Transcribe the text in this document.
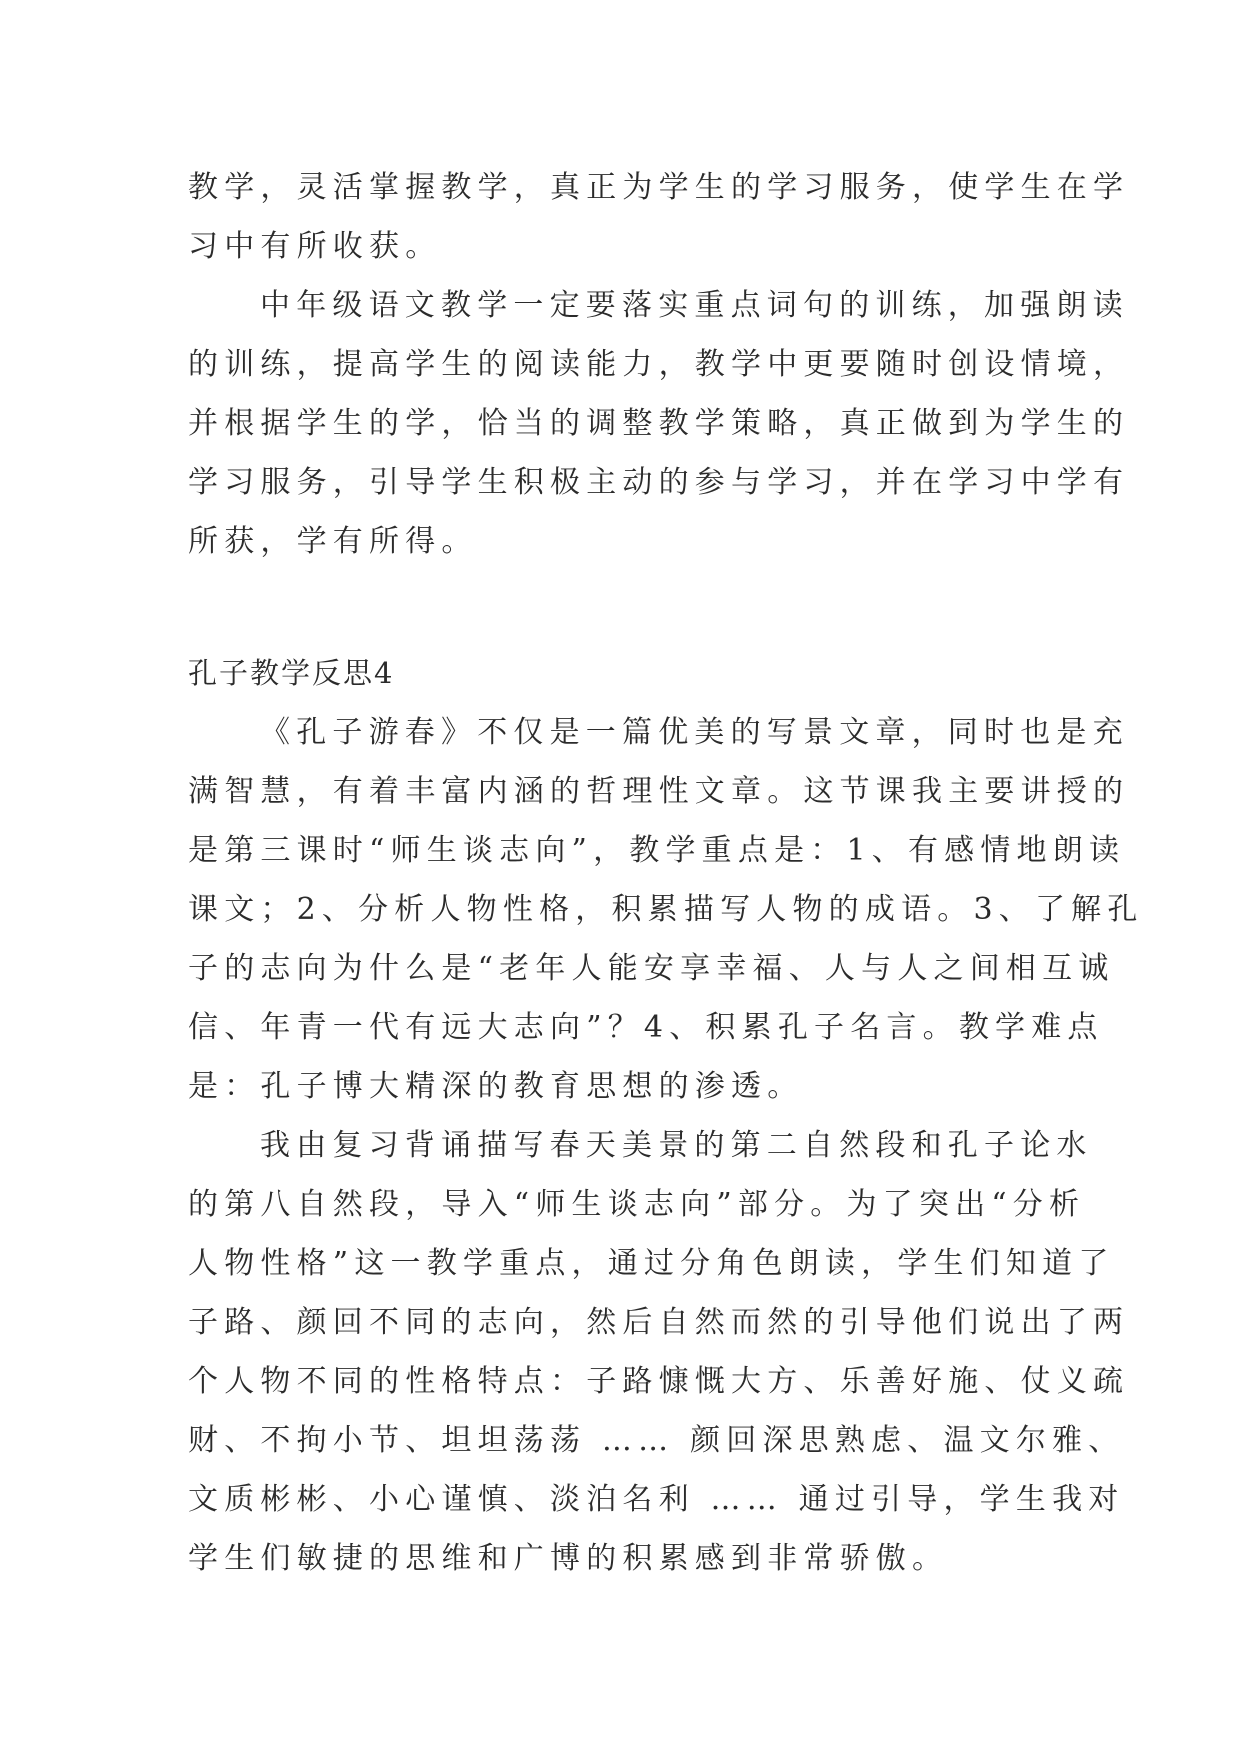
教学，灵活掌握教学，真正为学生的学习服务，使学生在学
习中有所收获。
中年级语文教学一定要落实重点词句的训练，加强朗读
的训练，提高学生的阅读能力，教学中更要随时创设情境，
并根据学生的学，恰当的调整教学策略，真正做到为学生的
学习服务，引导学生积极主动的参与学习，并在学习中学有
所获，学有所得。
孔子教学反思4
《孔子游春》不仅是一篇优美的写景文章，同时也是充
满智慧，有着丰富内涵的哲理性文章。这节课我主要讲授的
是第三课时“师生谈志向”，教学重点是：1、有感情地朗读
课文；2、分析人物性格，积累描写人物的成语。3、了解孔
子的志向为什么是“老年人能安享幸福、人与人之间相互诚
信、年青一代有远大志向”？4、积累孔子名言。教学难点
是：孔子博大精深的教育思想的渗透。
我由复习背诵描写春天美景的第二自然段和孔子论水
的第八自然段，导入“师生谈志向”部分。为了突出“分析
人物性格”这一教学重点，通过分角色朗读，学生们知道了
子路、颜回不同的志向，然后自然而然的引导他们说出了两
个人物不同的性格特点：子路慷慨大方、乐善好施、仗义疏
财、不拘小节、坦坦荡荡 …… 颜回深思熟虑、温文尔雅、
文质彬彬、小心谨慎、淡泊名利 …… 通过引导，学生我对
学生们敏捷的思维和广博的积累感到非常骄傲。
